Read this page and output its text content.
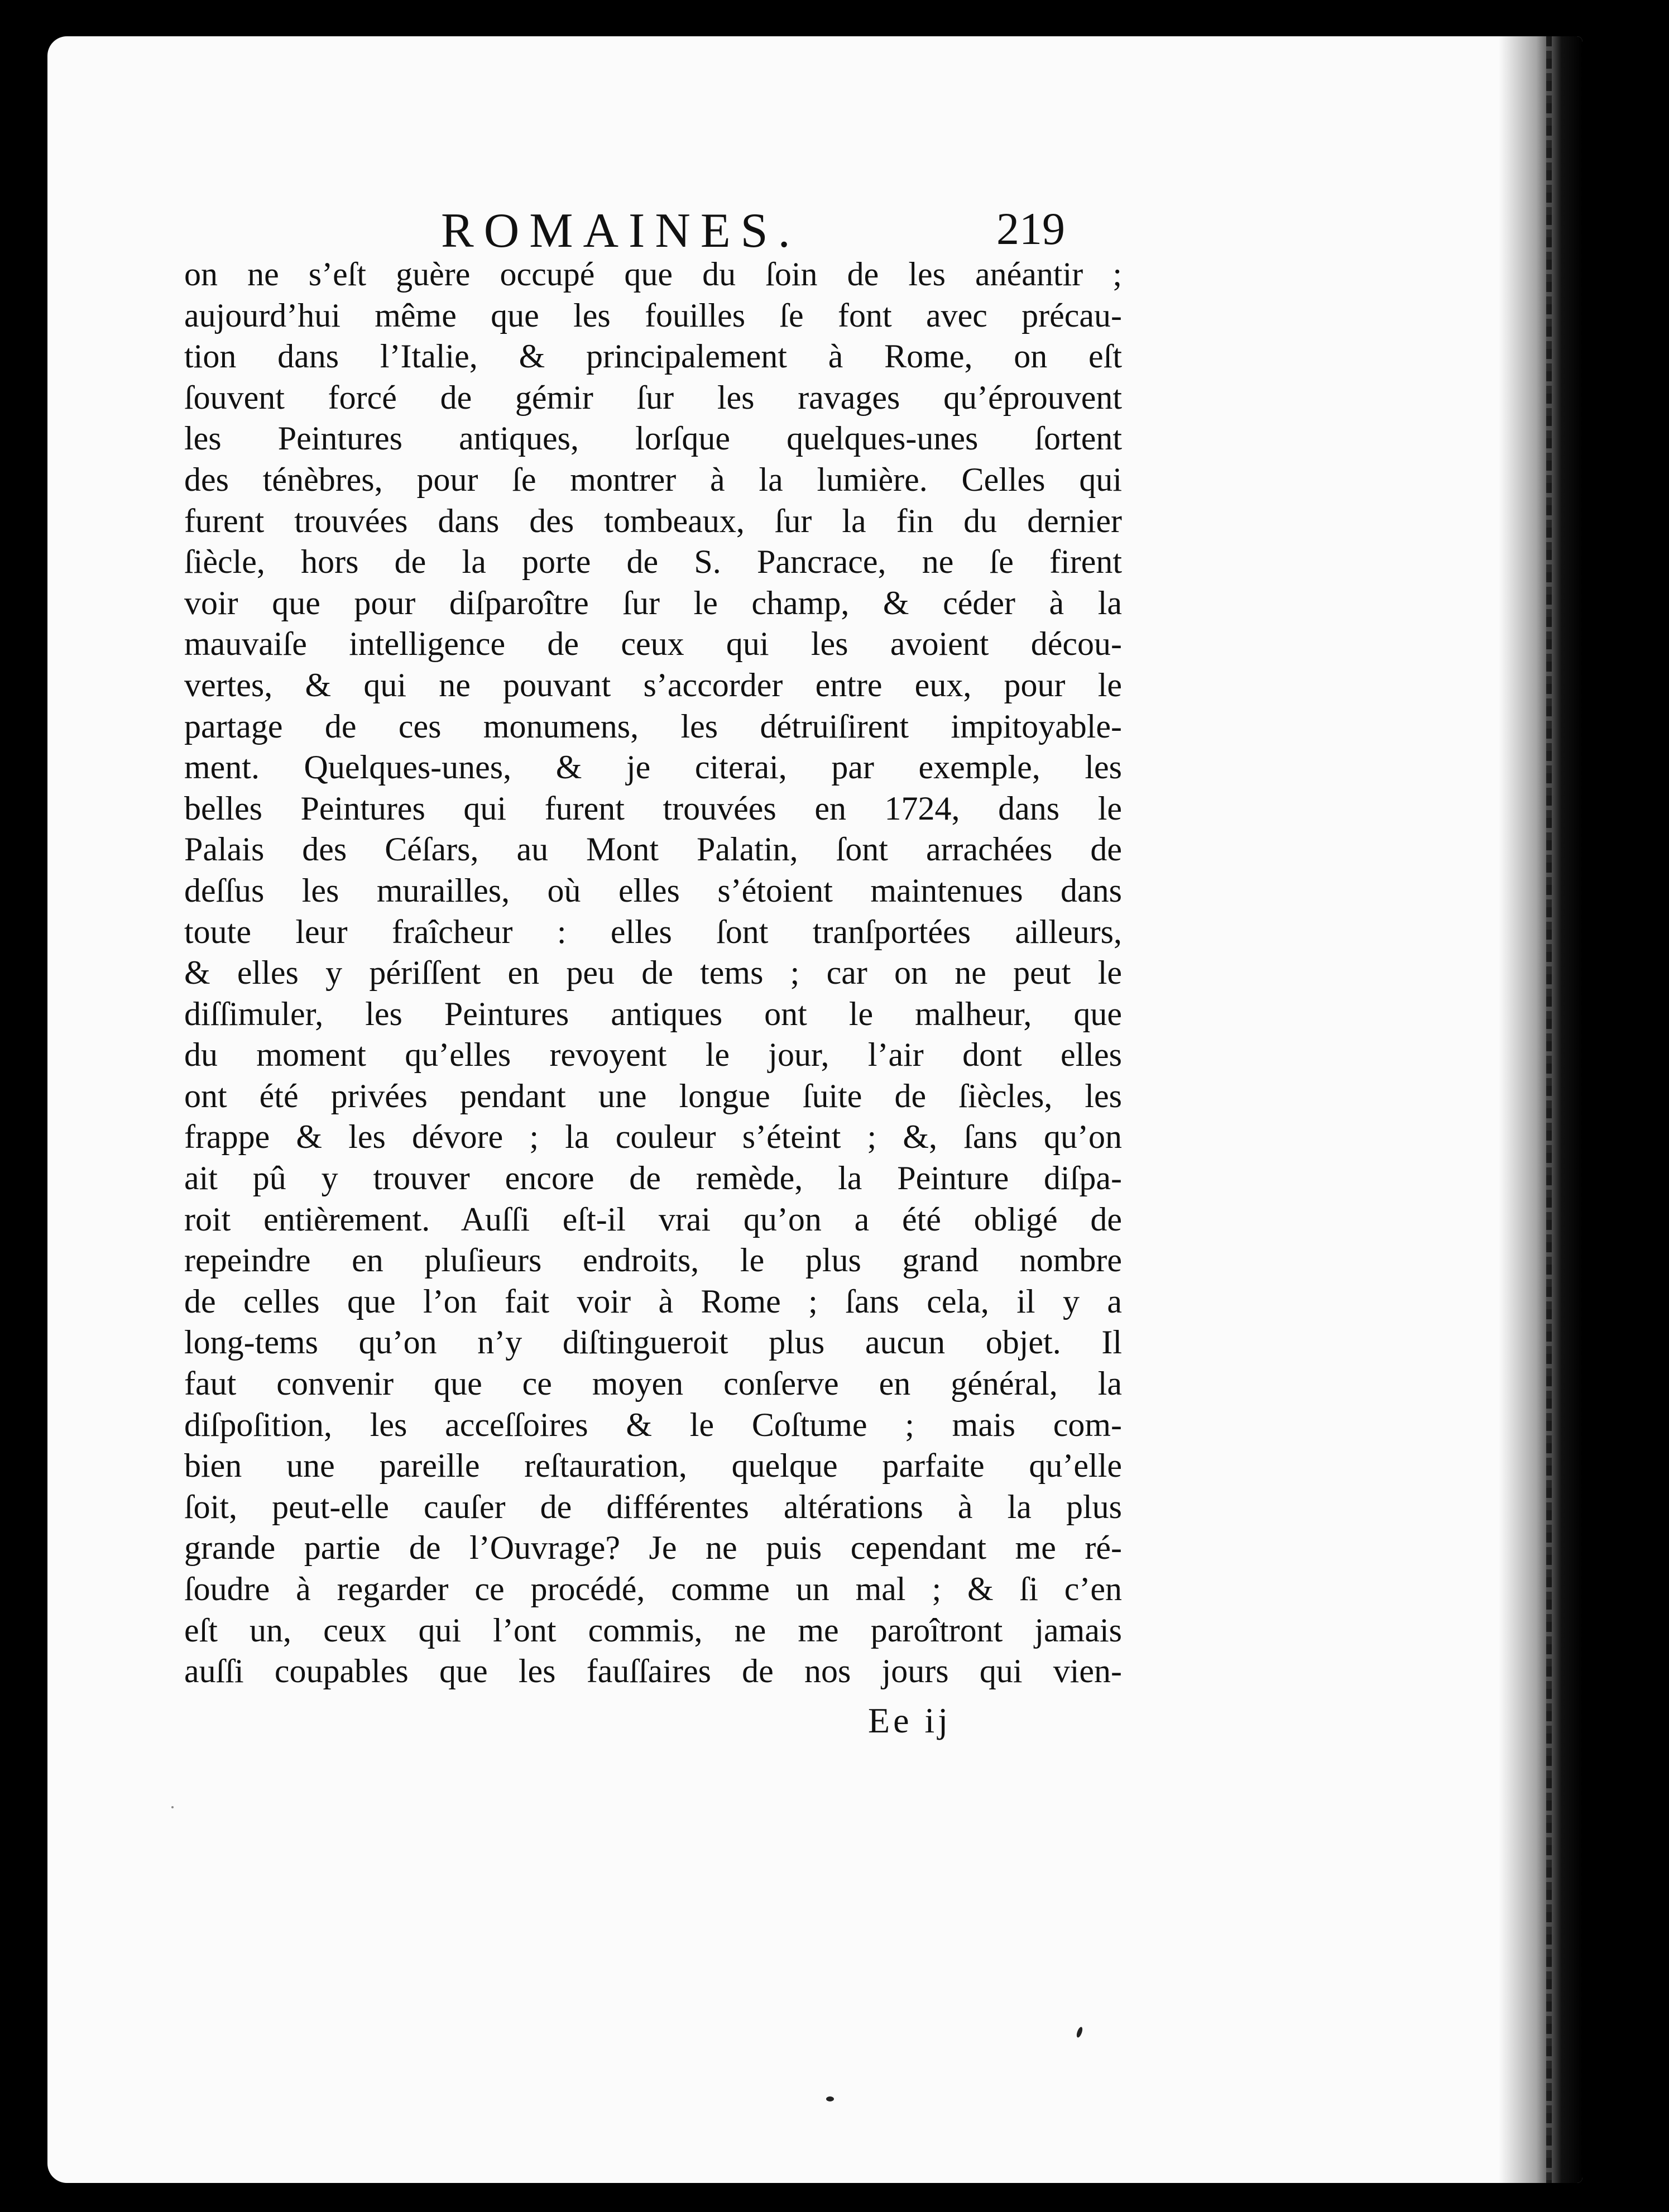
ROMAINES.	219
on ne s’eſt guère occupé que du ſoin de les anéantir ;
aujourd’hui même que les fouilles ſe font avec précau-
tion dans l’Italie, & principalement à Rome, on eſt
ſouvent forcé de gémir ſur les ravages qu’éprouvent
les Peintures antiques, lorſque quelques-unes ſortent
des ténèbres, pour ſe montrer à la lumière. Celles qui
furent trouvées dans des tombeaux, ſur la fin du dernier
ſiècle, hors de la porte de S. Pancrace, ne ſe firent
voir que pour diſparoître ſur le champ, & céder à la
mauvaiſe intelligence de ceux qui les avoient décou-
vertes, & qui ne pouvant s’accorder entre eux, pour le
partage de ces monumens, les détruiſirent impitoyable-
ment. Quelques-unes, & je citerai, par exemple, les
belles Peintures qui furent trouvées en 1724, dans le
Palais des Céſars, au Mont Palatin, ſont arrachées de
deſſus les murailles, où elles s’étoient maintenues dans
toute leur fraîcheur : elles ſont tranſportées ailleurs,
& elles y périſſent en peu de tems ; car on ne peut le
diſſimuler, les Peintures antiques ont le malheur, que
du moment qu’elles revoyent le jour, l’air dont elles
ont été privées pendant une longue ſuite de ſiècles, les
frappe & les dévore ; la couleur s’éteint ; &, ſans qu’on
ait pû y trouver encore de remède, la Peinture diſpa-
roit entièrement. Auſſi eſt-il vrai qu’on a été obligé de
repeindre en pluſieurs endroits, le plus grand nombre
de celles que l’on fait voir à Rome ; ſans cela, il y a
long-tems qu’on n’y diſtingueroit plus aucun objet. Il
faut convenir que ce moyen conſerve en général, la
diſpoſition, les acceſſoires & le Coſtume ; mais com-
bien une pareille reſtauration, quelque parfaite qu’elle
ſoit, peut-elle cauſer de différentes altérations à la plus
grande partie de l’Ouvrage? Je ne puis cependant me ré-
ſoudre à regarder ce procédé, comme un mal ; & ſi c’en
eſt un, ceux qui l’ont commis, ne me paroîtront jamais
auſſi coupables que les fauſſaires de nos jours qui vien-
Ee ij
